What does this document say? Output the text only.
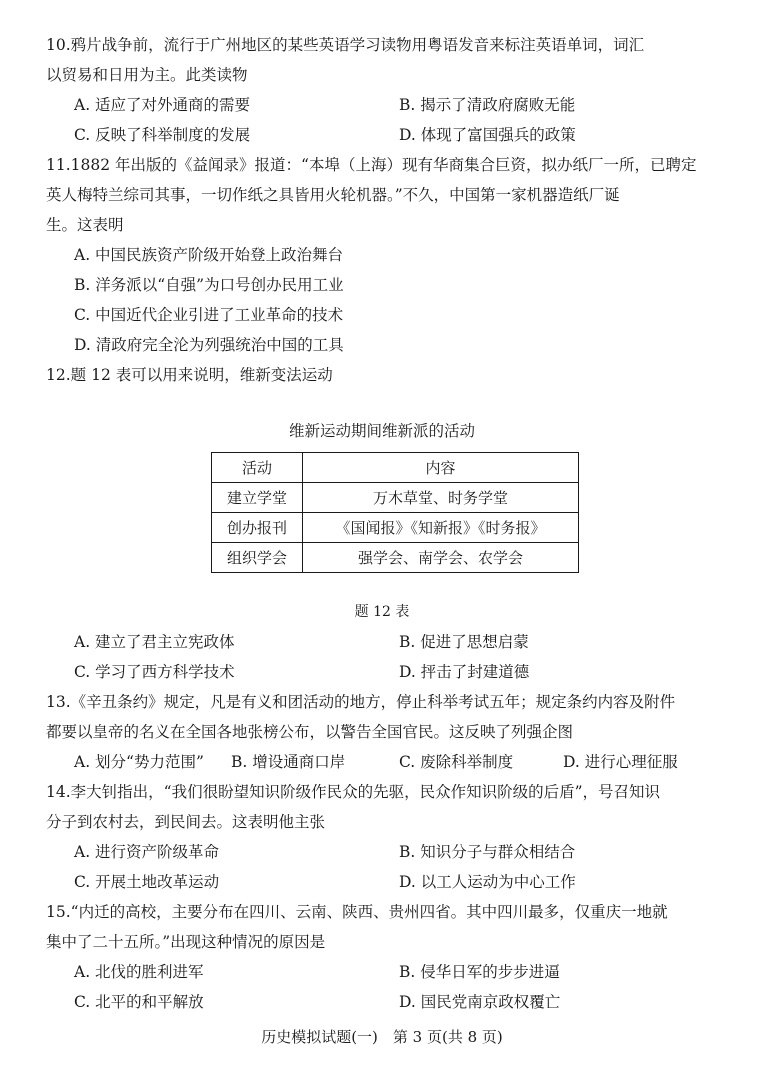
10.鸦片战争前，流行于广州地区的某些英语学习读物用粤语发音来标注英语单词，词汇
以贸易和日用为主。此类读物
A. 适应了对外通商的需要	B. 揭示了清政府腐败无能
C. 反映了科举制度的发展	D. 体现了富国强兵的政策
11.1882 年出版的《益闻录》报道：“本埠（上海）现有华商集合巨资，拟办纸厂一所，已聘定
英人梅特兰综司其事，一切作纸之具皆用火轮机器。”不久，中国第一家机器造纸厂诞
生。这表明
A. 中国民族资产阶级开始登上政治舞台
B. 洋务派以“自强”为口号创办民用工业
C. 中国近代企业引进了工业革命的技术
D. 清政府完全沦为列强统治中国的工具
12.题 12 表可以用来说明，维新变法运动
维新运动期间维新派的活动
活动	内容
建立学堂	万木草堂、时务学堂
创办报刊	《国闻报》《知新报》《时务报》
组织学会	强学会、南学会、农学会
题 12 表
A. 建立了君主立宪政体	B. 促进了思想启蒙
C. 学习了西方科学技术	D. 抨击了封建道德
13.《辛丑条约》规定，凡是有义和团活动的地方，停止科举考试五年；规定条约内容及附件
都要以皇帝的名义在全国各地张榜公布，以警告全国官民。这反映了列强企图
A. 划分“势力范围” B. 增设通商口岸	C. 废除科举制度	D. 进行心理征服
14.李大钊指出，“我们很盼望知识阶级作民众的先驱，民众作知识阶级的后盾”，号召知识
分子到农村去，到民间去。这表明他主张
A. 进行资产阶级革命	B. 知识分子与群众相结合
C. 开展土地改革运动	D. 以工人运动为中心工作
15.“内迁的高校，主要分布在四川、云南、陕西、贵州四省。其中四川最多，仅重庆一地就
集中了二十五所。”出现这种情况的原因是
A. 北伐的胜利进军	B. 侵华日军的步步进逼
C. 北平的和平解放	D. 国民党南京政权覆亡
历史模拟试题(一)　第 3 页(共 8 页)
